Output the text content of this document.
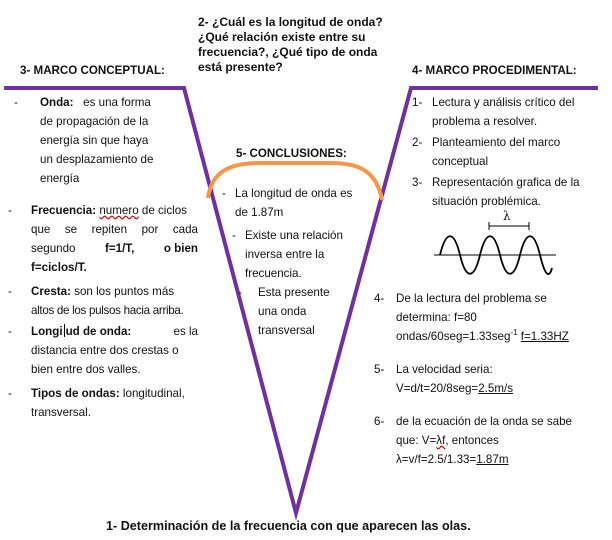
2- ¿Cuál es la longitud de onda?
¿Qué relación existe entre su
frecuencia?, ¿Qué tipo de onda
está presente?
3- MARCO CONCEPTUAL:	4- MARCO PROCEDIMENTAL:
- Onda: es una forma
de propagación de la
energía sin que haya
un desplazamiento de
energía
- Frecuencia: numero de ciclos
que se repiten por cada
segundo	f=1/T,	o bien
f=ciclos/T.
- Cresta: son los puntos más
altos de los pulsos hacia arriba.
- Longi ud de onda:	es la
distancia entre dos crestas o
bien entre dos valles.
- Tipos de ondas: longitudinal,
transversal.
5- CONCLUSIONES:
- La longitud de onda es
de 1.87m
- Existe una relación
inversa entre la
frecuencia.
- Esta presente
una onda
transversal
1- Lectura y análisis crítico del
problema a resolver.
2- Planteamiento del marco
conceptual
3- Representación grafica de la
situación problémica.
λ
4- De la lectura del problema se
determina: f=80
ondas/60seg=1.33seg$^{-1}$ f=1.33HZ
5- La velocidad seria:
V=d/t=20/8seg=2.5m/s
6- de la ecuación de la onda se sabe
que: V=λf, entonces
λ=v/f=2.5/1.33=1.87m
1- Determinación de la frecuencia con que aparecen las olas.
